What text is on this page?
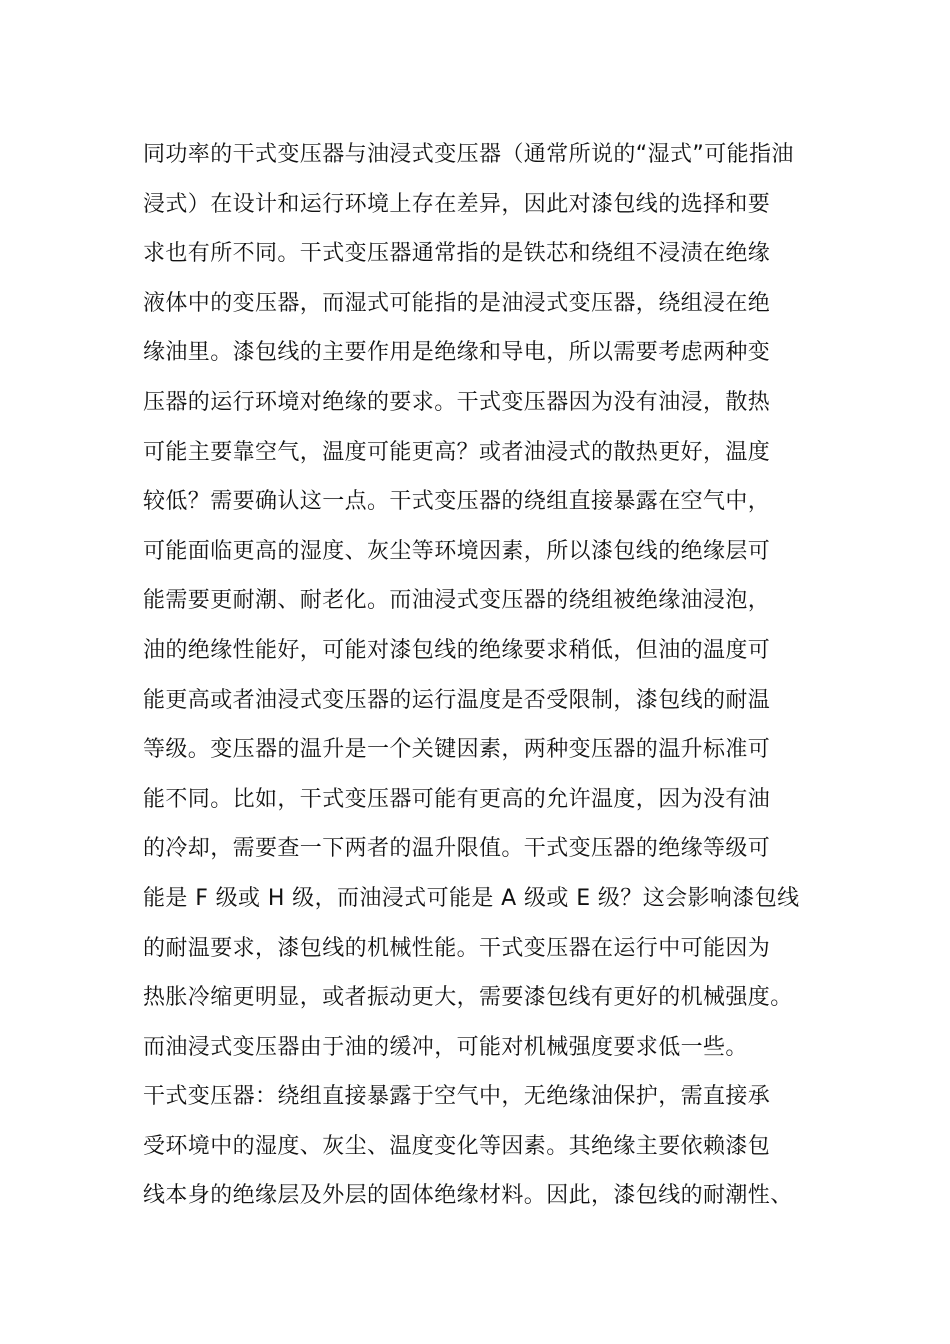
同功率的干式变压器与油浸式变压器（通常所说的“湿式”可能指油
浸式）在设计和运行环境上存在差异，因此对漆包线的选择和要
求也有所不同。干式变压器通常指的是铁芯和绕组不浸渍在绝缘
液体中的变压器，而湿式可能指的是油浸式变压器，绕组浸在绝
缘油里。漆包线的主要作用是绝缘和导电，所以需要考虑两种变
压器的运行环境对绝缘的要求。干式变压器因为没有油浸，散热
可能主要靠空气，温度可能更高？或者油浸式的散热更好，温度
较低？需要确认这一点。干式变压器的绕组直接暴露在空气中，
可能面临更高的湿度、灰尘等环境因素，所以漆包线的绝缘层可
能需要更耐潮、耐老化。而油浸式变压器的绕组被绝缘油浸泡，
油的绝缘性能好，可能对漆包线的绝缘要求稍低，但油的温度可
能更高或者油浸式变压器的运行温度是否受限制，漆包线的耐温
等级。变压器的温升是一个关键因素，两种变压器的温升标准可
能不同。比如，干式变压器可能有更高的允许温度，因为没有油
的冷却，需要查一下两者的温升限值。干式变压器的绝缘等级可
能是 F 级或 H 级，而油浸式可能是 A 级或 E 级？这会影响漆包线
的耐温要求，漆包线的机械性能。干式变压器在运行中可能因为
热胀冷缩更明显，或者振动更大，需要漆包线有更好的机械强度。
而油浸式变压器由于油的缓冲，可能对机械强度要求低一些。
干式变压器：绕组直接暴露于空气中，无绝缘油保护，需直接承
受环境中的湿度、灰尘、温度变化等因素。其绝缘主要依赖漆包
线本身的绝缘层及外层的固体绝缘材料。因此，漆包线的耐潮性、
